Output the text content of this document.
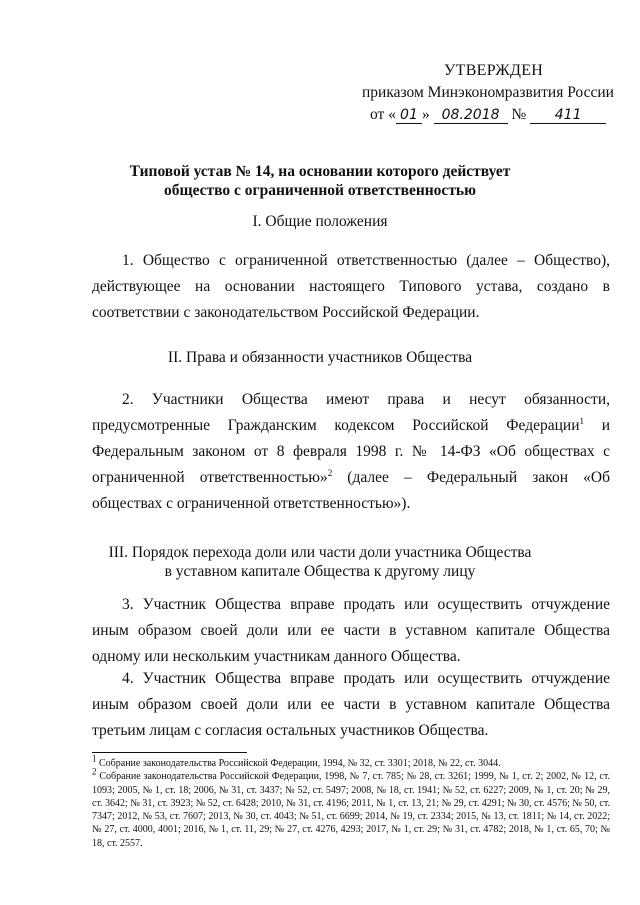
УТВЕРЖДЕН
приказом Минэкономразвития России
от « 01 » 08.2018 № 411
Типовой устав № 14, на основании которого действует
общество с ограниченной ответственностью
I. Общие положения
1. Общество с ограниченной ответственностью (далее – Общество), действующее на основании настоящего Типового устава, создано в соответствии с законодательством Российской Федерации.
II. Права и обязанности участников Общества
2. Участники Общества имеют права и несут обязанности, предусмотренные Гражданским кодексом Российской Федерации$^1$ и Федеральным законом от 8 февраля 1998 г. № 14-ФЗ «Об обществах с ограниченной ответственностью»$^2$ (далее – Федеральный закон «Об обществах с ограниченной ответственностью»).
III. Порядок перехода доли или части доли участника Общества
в уставном капитале Общества к другому лицу
3. Участник Общества вправе продать или осуществить отчуждение иным образом своей доли или ее части в уставном капитале Общества одному или нескольким участникам данного Общества.
4. Участник Общества вправе продать или осуществить отчуждение иным образом своей доли или ее части в уставном капитале Общества третьим лицам с согласия остальных участников Общества.

$^1$ Собрание законодательства Российской Федерации, 1994, № 32, ст. 3301; 2018, № 22, ст. 3044.

$^2$ Собрание законодательства Российской Федерации, 1998, № 7, ст. 785; № 28, ст. 3261; 1999, № 1, ст. 2; 2002, № 12, ст. 1093; 2005, № 1, ст. 18; 2006, № 31, ст. 3437; № 52, ст. 5497; 2008, № 18, ст. 1941; № 52, ст. 6227; 2009, № 1, ст. 20; № 29, ст. 3642; № 31, ст. 3923; № 52, ст. 6428; 2010, № 31, ст. 4196; 2011, № 1, ст. 13, 21; № 29, ст. 4291; № 30, ст. 4576; № 50, ст. 7347; 2012, № 53, ст. 7607; 2013, № 30, ст. 4043; № 51, ст. 6699; 2014, № 19, ст. 2334; 2015, № 13, ст. 1811; № 14, ст. 2022; № 27, ст. 4000, 4001; 2016, № 1, ст. 11, 29; № 27, ст. 4276, 4293; 2017, № 1, ст. 29; № 31, ст. 4782; 2018, № 1, ст. 65, 70; № 18, ст. 2557.
